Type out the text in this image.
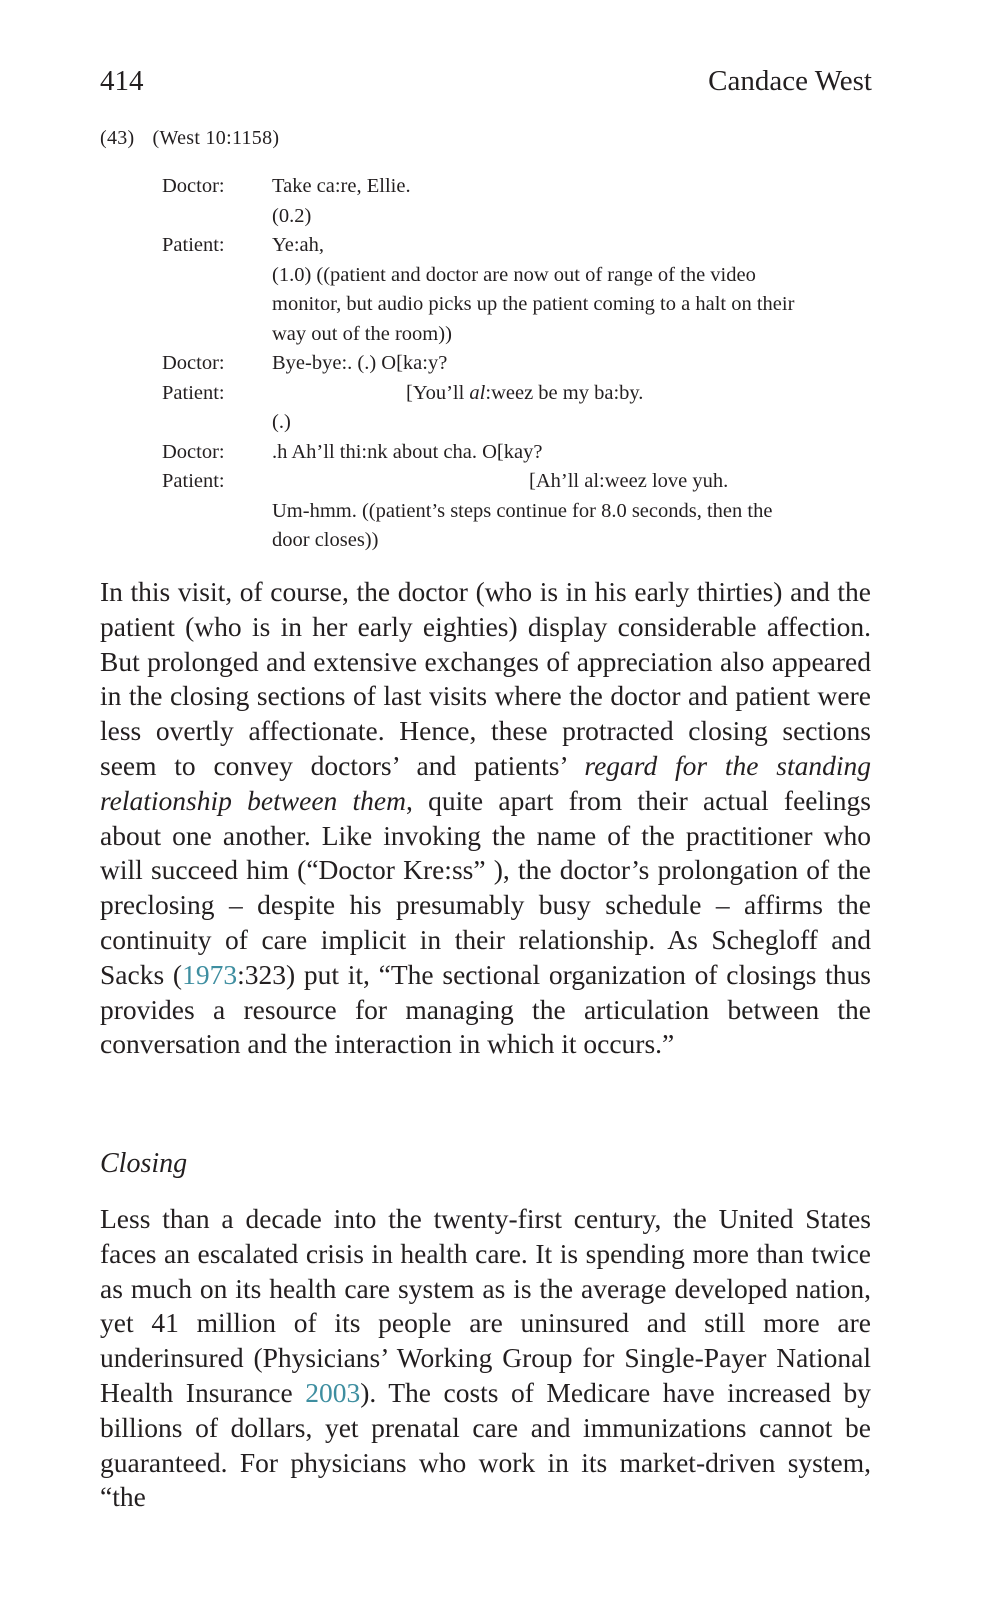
414	Candace West
(43) (West 10:1158)
Doctor:	Take ca:re, Ellie.

(0.2)

Patient:	Ye:ah,

(1.0) ((patient and doctor are now out of range of the video

monitor, but audio picks up the patient coming to a halt on their

way out of the room))

Doctor:	Bye-bye:. (.) O[ka:y?

Patient:	[You’ll al:weez be my ba:by.

(.)

Doctor:	.h Ah’ll thi:nk about cha. O[kay?

Patient:	[Ah’ll al:weez love yuh.

Um-hmm. ((patient’s steps continue for 8.0 seconds, then the

door closes))

In this visit, of course, the doctor (who is in his early thirties) and the patient (who is in her early eighties) display considerable affection. But prolonged and extensive exchanges of appreciation also appeared in the closing sections of last visits where the doctor and patient were less overtly affectionate. Hence, these protracted closing sections seem to convey doctors’ and patients’ regard for the standing relationship between them, quite apart from their actual feelings about one another. Like invoking the name of the practitioner who will succeed him (“Doctor Kre:ss” ), the doctor’s prolongation of the preclosing – despite his presumably busy schedule – affirms the continuity of care implicit in their relationship. As Schegloff and Sacks (1973:323) put it, “The sectional organization of closings thus provides a resource for managing the articulation between the conversation and the interaction in which it occurs.”

Closing

Less than a decade into the twenty-first century, the United States faces an escalated crisis in health care. It is spending more than twice as much on its health care system as is the average developed nation, yet 41 million of its people are uninsured and still more are underinsured (Physicians’ Working Group for Single-Payer National Health Insurance 2003). The costs of Medicare have increased by billions of dollars, yet prenatal care and immunizations cannot be guaranteed. For physicians who work in its market-driven system, “the
